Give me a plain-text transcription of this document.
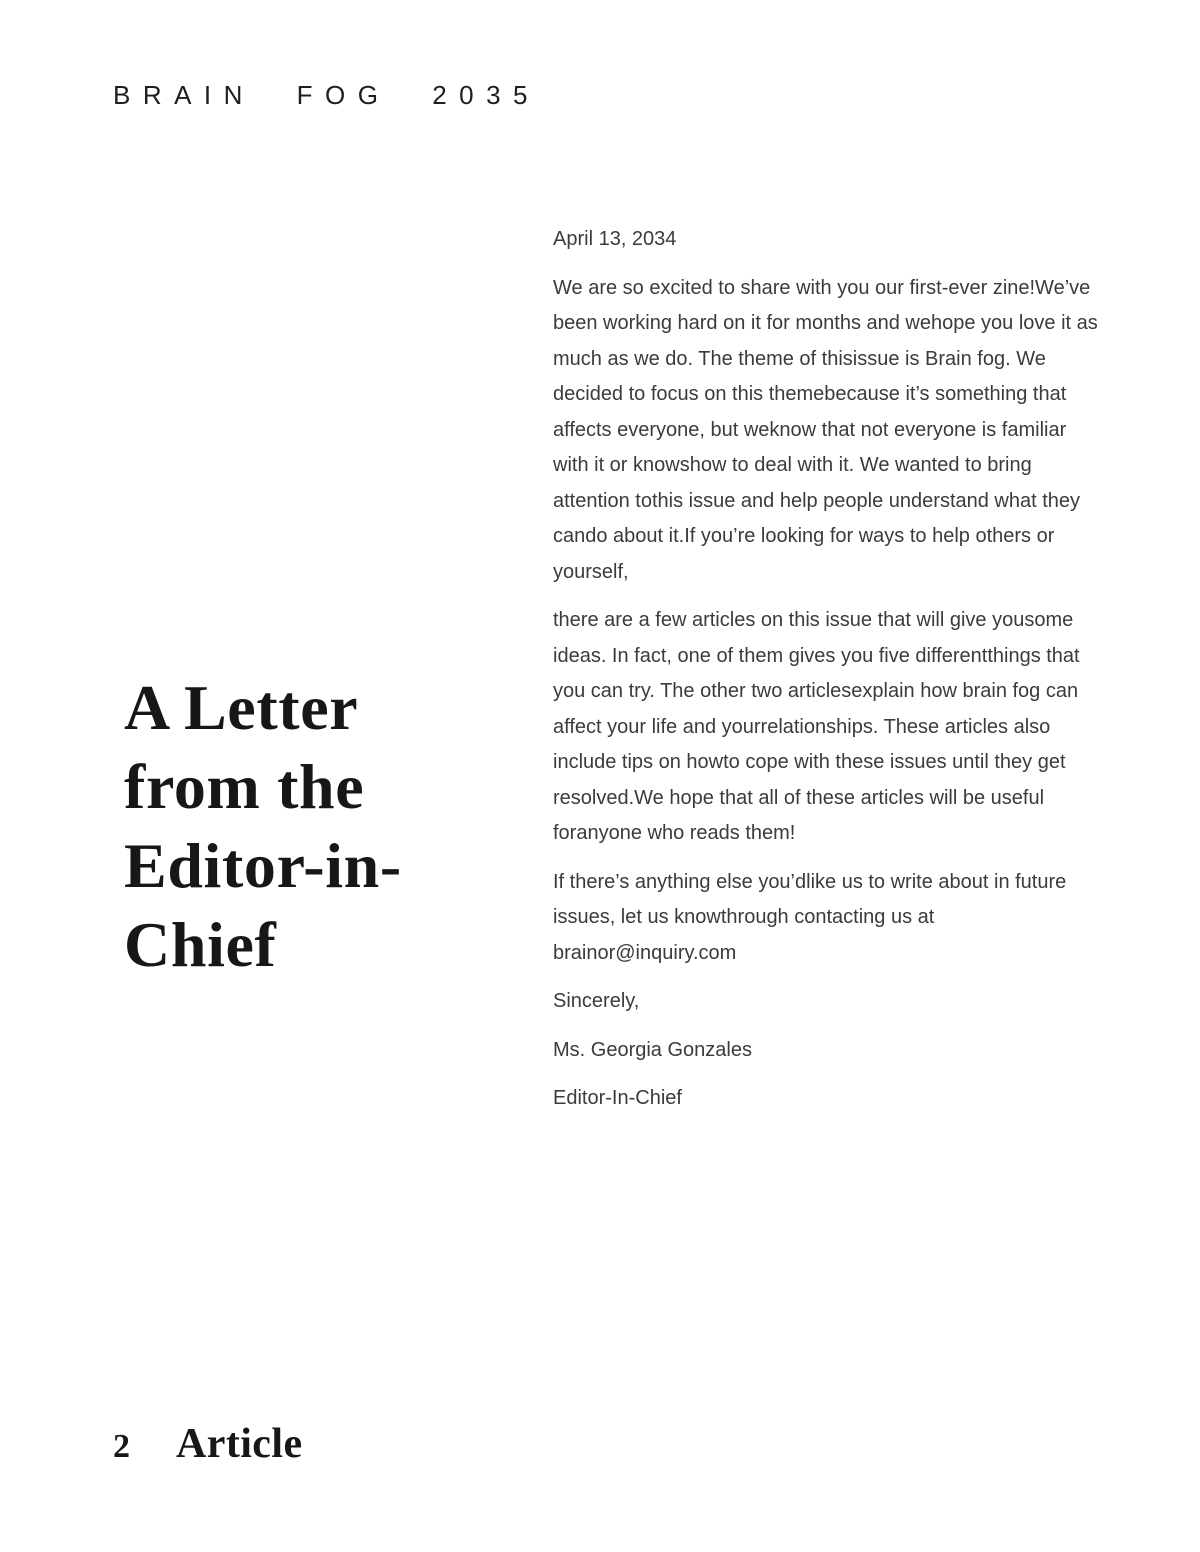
BRAIN FOG 2035
A Letter from the Editor-in-Chief

April 13, 2034

We are so excited to share with you our first-ever zine!We’ve been working hard on it for months and wehope you love it as much as we do. The theme of thisissue is Brain fog. We decided to focus on this themebecause it’s something that affects everyone, but weknow that not everyone is familiar with it or knowshow to deal with it. We wanted to bring attention tothis issue and help people understand what they cando about it.If you’re looking for ways to help others or yourself,

there are a few articles on this issue that will give yousome ideas. In fact, one of them gives you five differentthings that you can try. The other two articlesexplain how brain fog can affect your life and yourrelationships. These articles also include tips on howto cope with these issues until they get resolved.We hope that all of these articles will be useful foranyone who reads them!

If there’s anything else you’dlike us to write about in future issues, let us knowthrough contacting us at brainor@inquiry.com

Sincerely,

Ms. Georgia Gonzales

Editor-In-Chief

2 Article
